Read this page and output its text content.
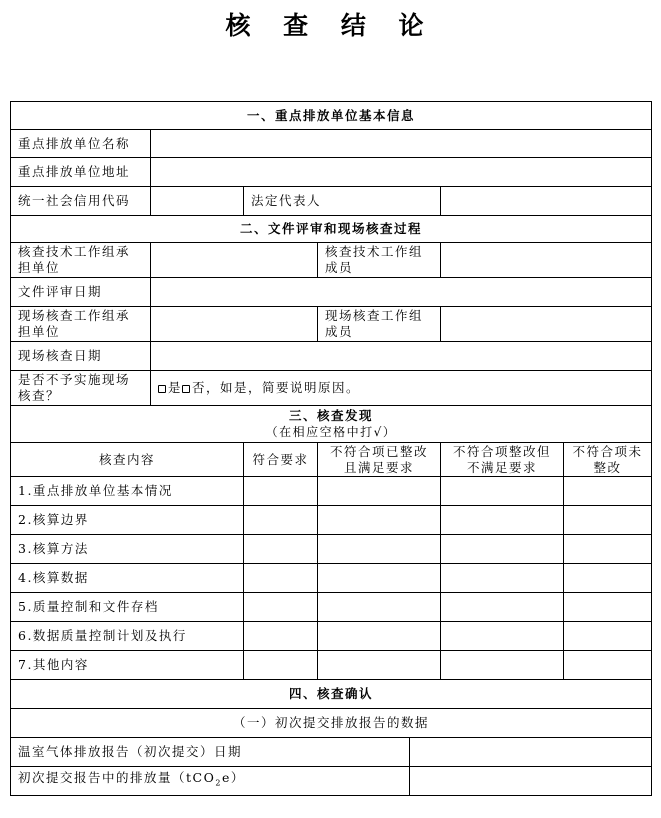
核 查 结 论
一、重点排放单位基本信息						
重点排放单位名称						
重点排放单位地址						
统一社会信用代码		法定代表人				
二、文件评审和现场核查过程						
核查技术工作组承担单位			核查技术工作组成员			
文件评审日期						
现场核查工作组承担单位			现场核查工作组成员			
现场核查日期						
是否不予实施现场核查？	是 否，如是，简要说明原因。					
三、核查发现
（在相应空格中打√）						

核查内容		符合要求	不符合项已整改且满足要求		不符合项整改但不满足要求	不符合项未整改
1.重点排放单位基本情况						
2.核算边界						
3.核算方法						
4.核算数据						
5.质量控制和文件存档						
6.数据质量控制计划及执行						
7.其他内容						
四、核查确认						
（一）初次提交排放报告的数据						
温室气体排放报告（初次提交）日期						
初次提交报告中的排放量（tCO$_2$e）						
